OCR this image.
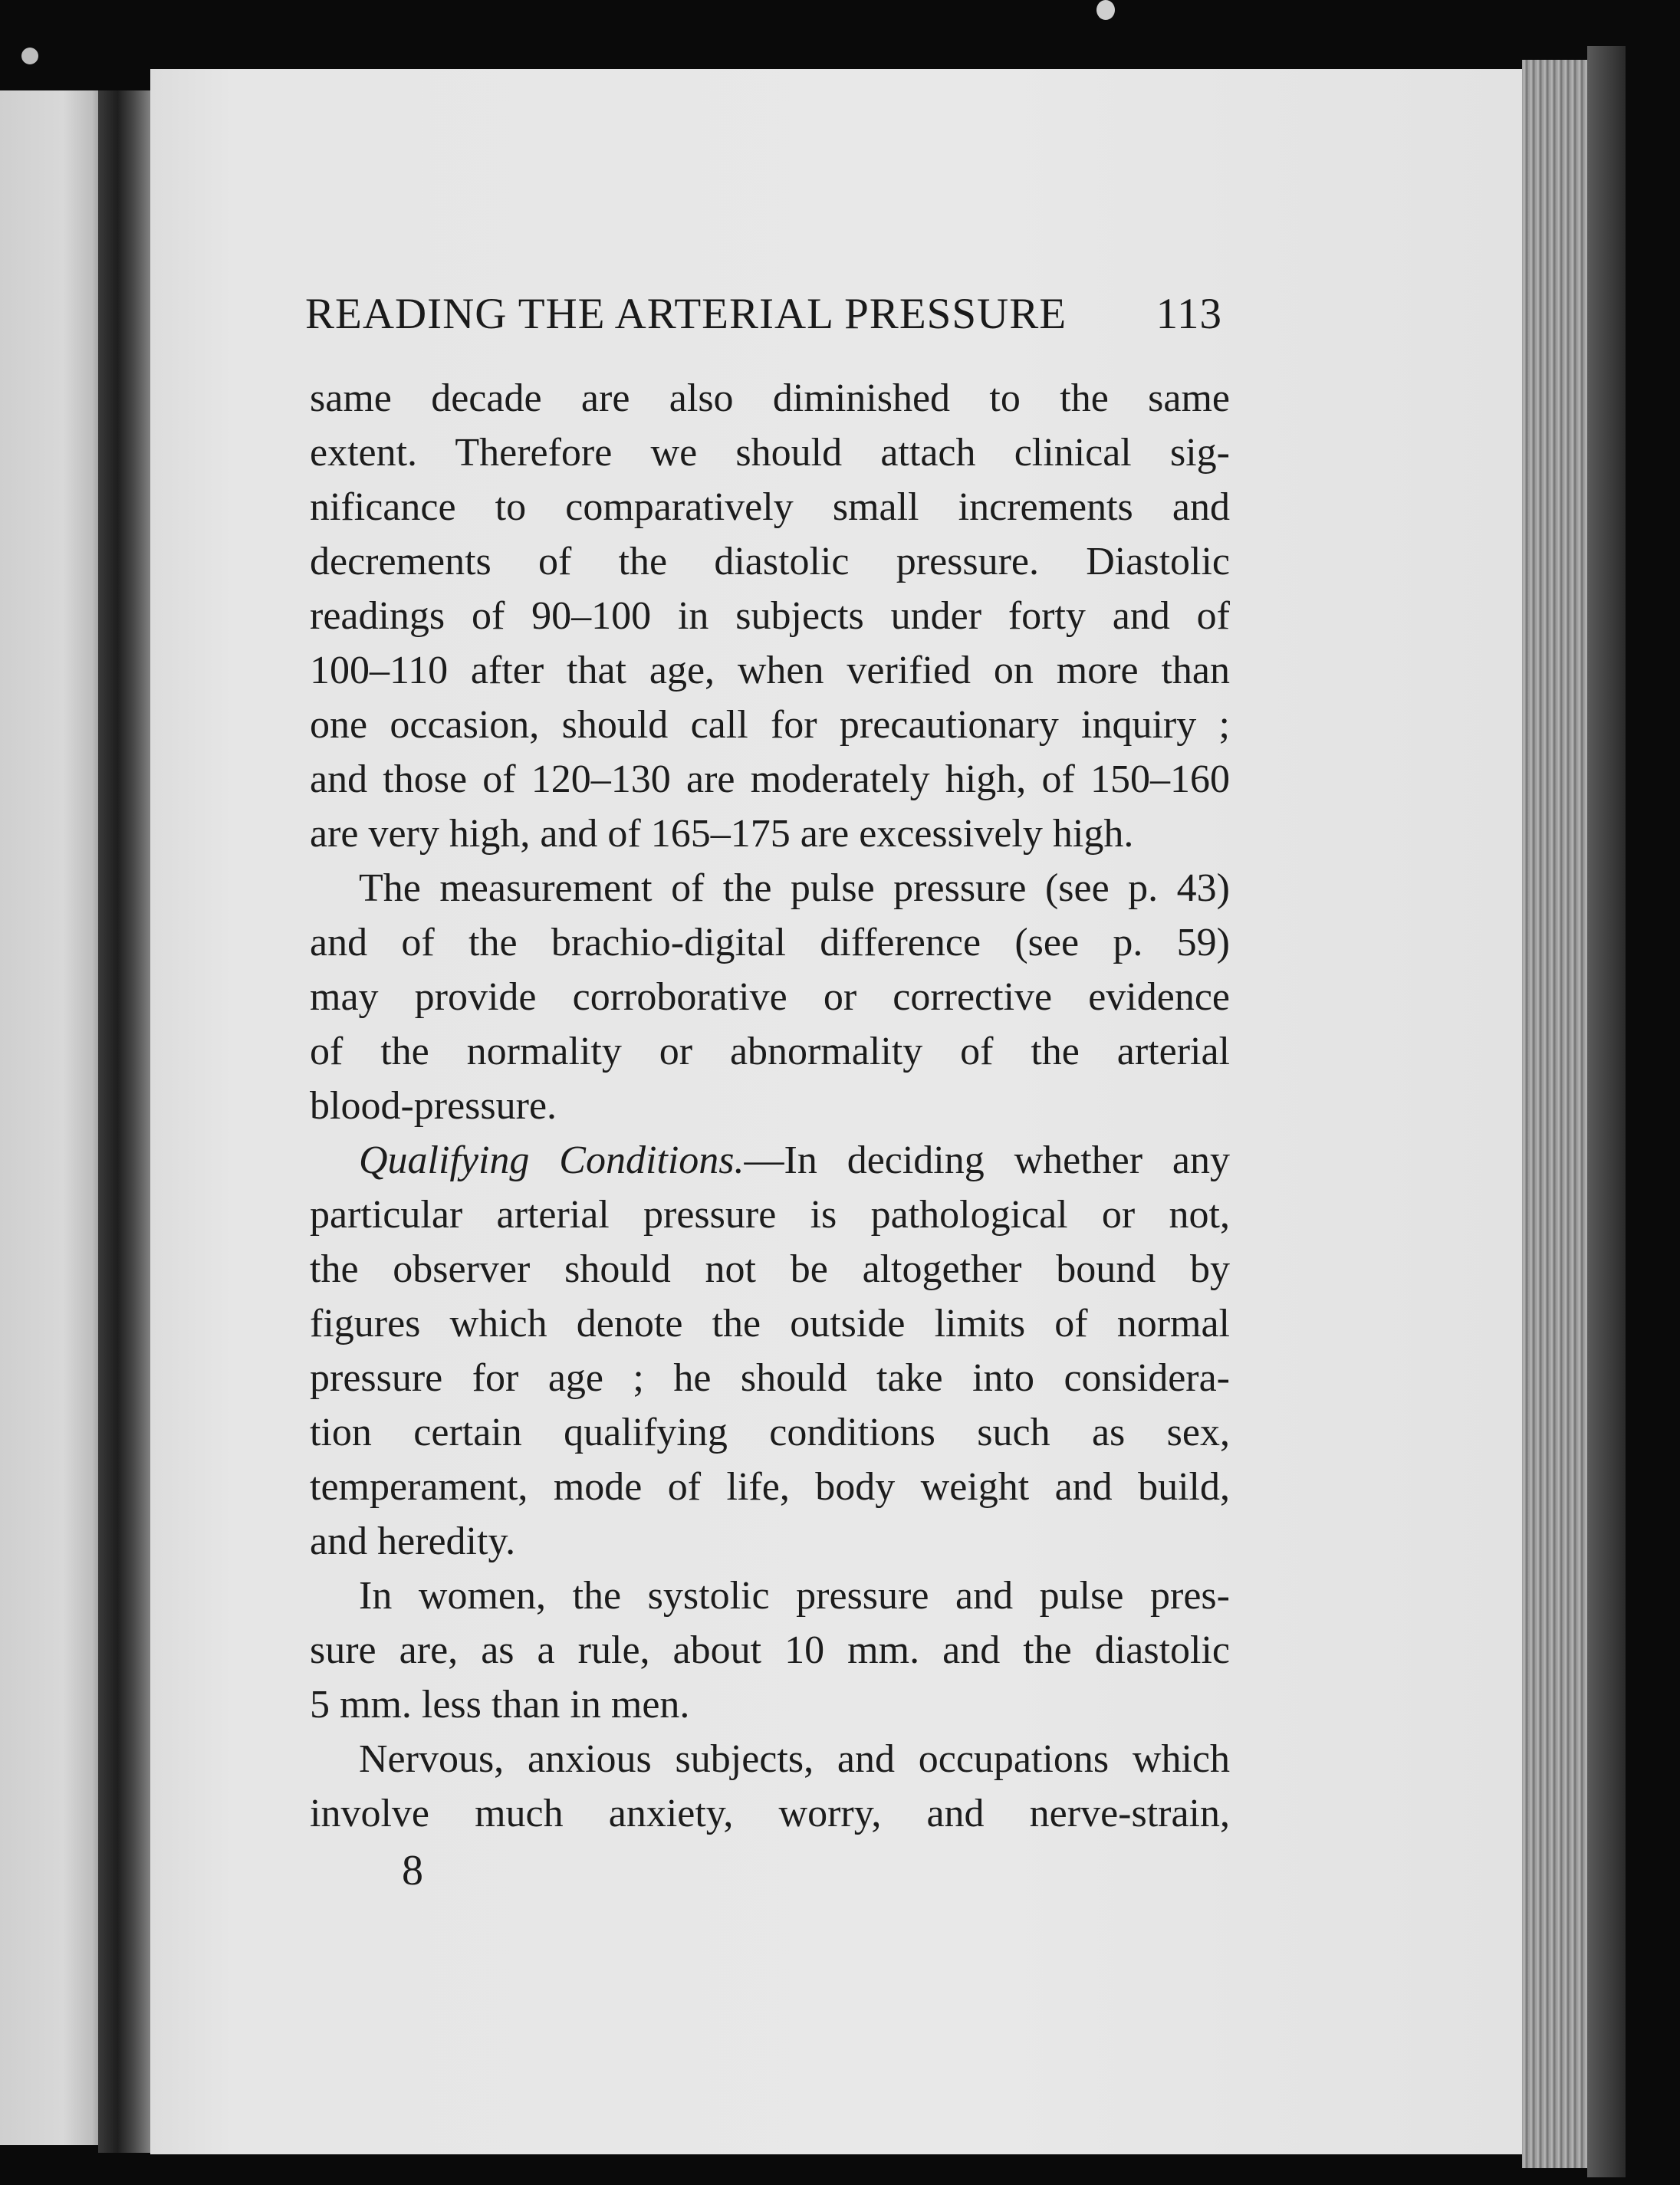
READING THE ARTERIAL PRESSURE 113
same decade are also diminished to the same
extent. Therefore we should attach clinical sig-
nificance to comparatively small increments and
decrements of the diastolic pressure. Diastolic
readings of 90–100 in subjects under forty and of
100–110 after that age, when verified on more than
one occasion, should call for precautionary inquiry ;
and those of 120–130 are moderately high, of 150–160
are very high, and of 165–175 are excessively high.
The measurement of the pulse pressure (see p. 43)
and of the brachio-digital difference (see p. 59)
may provide corroborative or corrective evidence
of the normality or abnormality of the arterial
blood-pressure.
Qualifying Conditions.—In deciding whether any
particular arterial pressure is pathological or not,
the observer should not be altogether bound by
figures which denote the outside limits of normal
pressure for age ; he should take into considera-
tion certain qualifying conditions such as sex,
temperament, mode of life, body weight and build,
and heredity.
In women, the systolic pressure and pulse pres-
sure are, as a rule, about 10 mm. and the diastolic
5 mm. less than in men.
Nervous, anxious subjects, and occupations which
involve much anxiety, worry, and nerve-strain,
8
